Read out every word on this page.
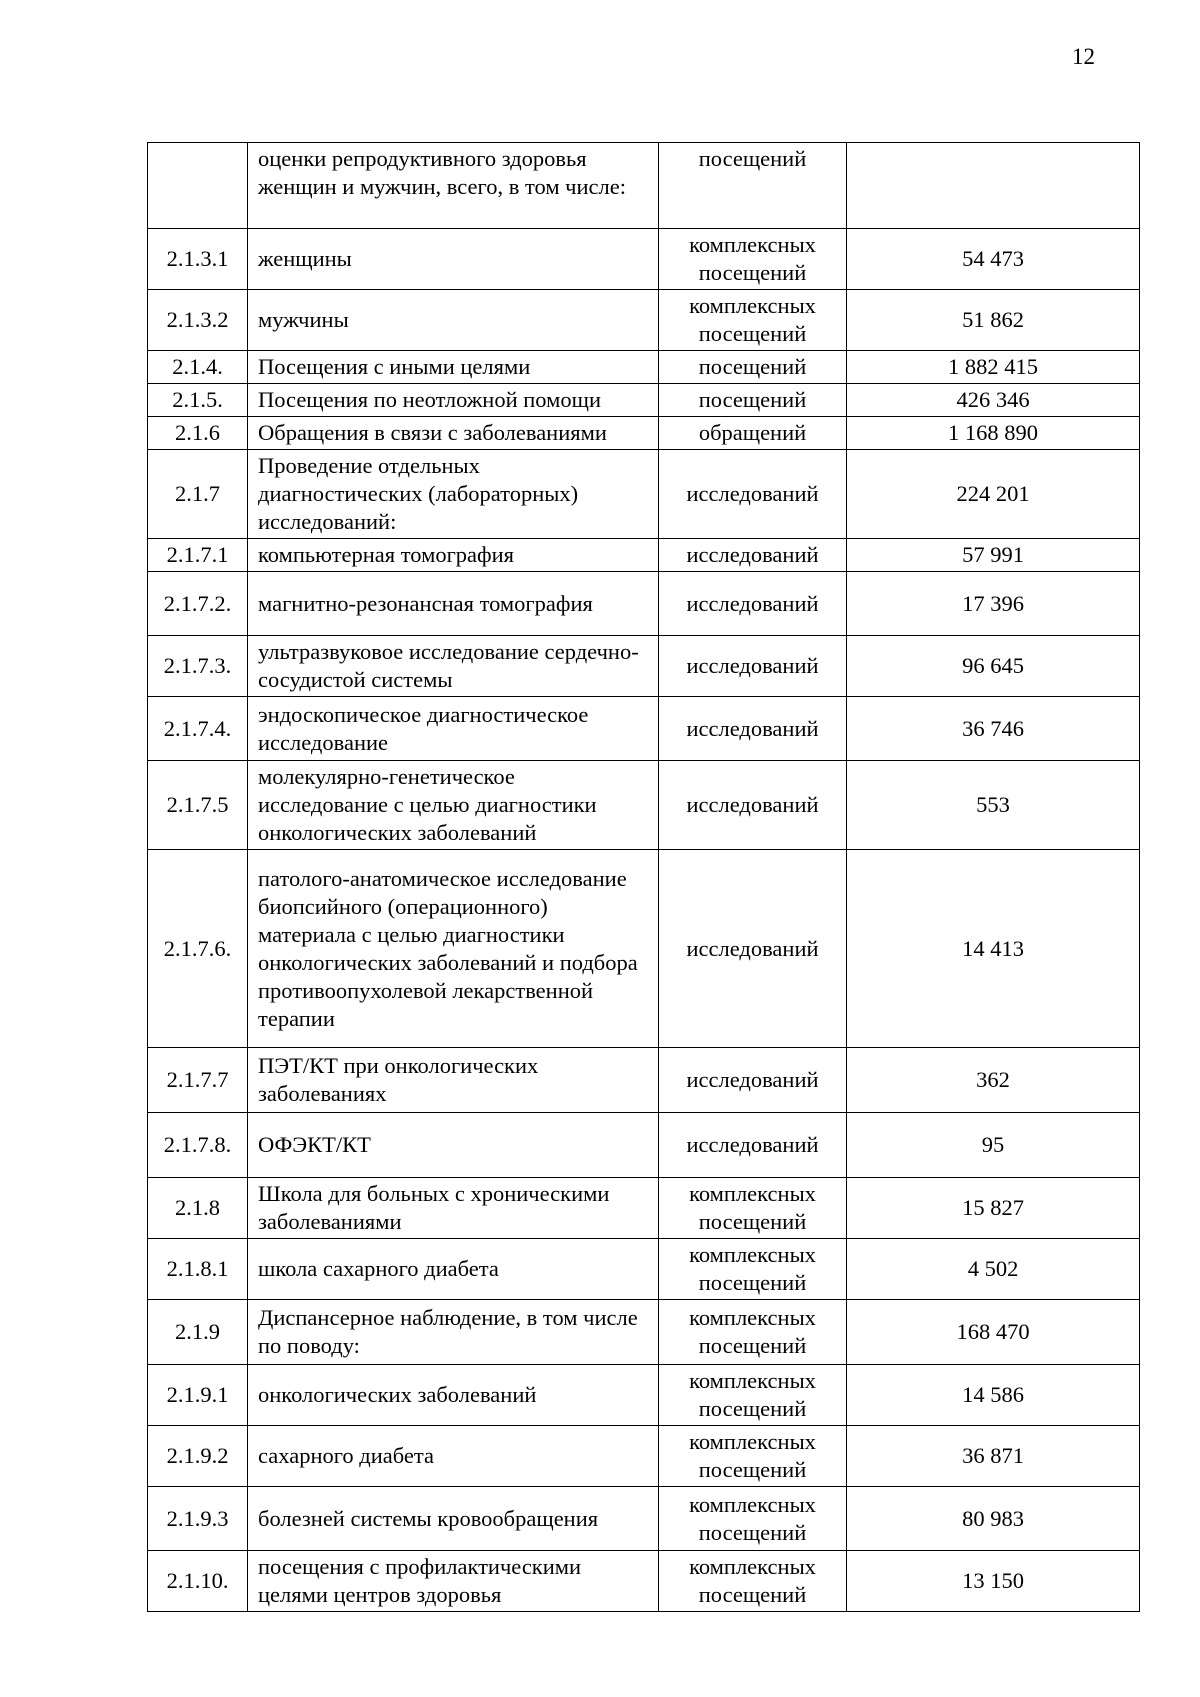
12
	оценки репродуктивного здоровья женщин и мужчин, всего, в том числе:	посещений	
2.1.3.1	женщины	комплексных посещений	54 473
2.1.3.2	мужчины	комплексных посещений	51 862
2.1.4.	Посещения с иными целями	посещений	1 882 415
2.1.5.	Посещения по неотложной помощи	посещений	426 346
2.1.6	Обращения в связи с заболеваниями	обращений	1 168 890
2.1.7	Проведение отдельных диагностических (лабораторных) исследований:	исследований	224 201
2.1.7.1	компьютерная томография	исследований	57 991
2.1.7.2.	магнитно-резонансная томография	исследований	17 396
2.1.7.3.	ультразвуковое исследование сердечно-сосудистой системы	исследований	96 645
2.1.7.4.	эндоскопическое диагностическое исследование	исследований	36 746
2.1.7.5	молекулярно-генетическое исследование с целью диагностики онкологических заболеваний	исследований	553
2.1.7.6.	патолого-анатомическое исследование биопсийного (операционного) материала с целью диагностики онкологических заболеваний и подбора противоопухолевой лекарственной терапии	исследований	14 413
2.1.7.7	ПЭТ/КТ при онкологических заболеваниях	исследований	362
2.1.7.8.	ОФЭКТ/КТ	исследований	95
2.1.8	Школа для больных с хроническими заболеваниями	комплексных посещений	15 827
2.1.8.1	школа сахарного диабета	комплексных посещений	4 502
2.1.9	Диспансерное наблюдение, в том числе по поводу:	комплексных посещений	168 470
2.1.9.1	онкологических заболеваний	комплексных посещений	14 586
2.1.9.2	сахарного диабета	комплексных посещений	36 871
2.1.9.3	болезней системы кровообращения	комплексных посещений	80 983
2.1.10.	посещения с профилактическими целями центров здоровья	комплексных посещений	13 150
